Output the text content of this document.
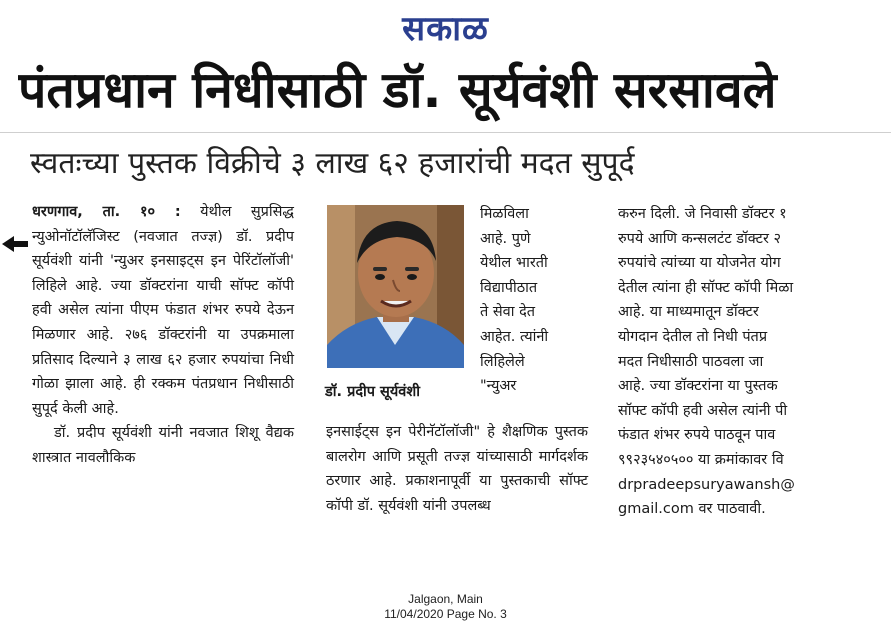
सकाळ
पंतप्रधान निधीसाठी डॉ. सूर्यवंशी सरसावले
स्वतःच्या पुस्तक विक्रीचे ३ लाख ६२ हजारांची मदत सुपूर्द

धरणगाव, ता. १० : येथील सुप्रसिद्ध न्युओनॉटॉलॅजिस्ट (नवजात तज्ज्ञ) डॉ. प्रदीप सूर्यवंशी यांनी 'न्युअर इनसाइट्स इन पेरिंटॉलॉजी' लिहिले आहे. ज्या डॉक्टरांना याची सॉफ्ट कॉपी हवी असेल त्यांना पीएम फंडात शंभर रुपये देऊन मिळणार आहे. २७६ डॉक्टरांनी या उपक्रमाला प्रतिसाद दिल्याने ३ लाख ६२ हजार रुपयांचा निधी गोळा झाला आहे. ही रक्कम पंतप्रधान निधीसाठी सुपूर्द केली आहे.

डॉ. प्रदीप सूर्यवंशी यांनी नवजात शिशू वैद्यक शास्त्रात नावलौकिक

डॉ. प्रदीप सूर्यवंशी

मिळविला

आहे. पुणे

येथील भारती

विद्यापीठात

ते सेवा देत

आहेत. त्यांनी

लिहिलेले

"न्युअर

इनसाईट्स इन पेरीनॅटॉलॉजी" हे शैक्षणिक पुस्तक बालरोग आणि प्रसूती तज्ज्ञ यांच्यासाठी मार्गदर्शक ठरणार आहे. प्रकाशनापूर्वी या पुस्तकाची सॉफ्ट कॉपी डॉ. सूर्यवंशी यांनी उपलब्ध

करुन दिली. जे निवासी डॉक्टर १

रुपये आणि कन्सलटंट डॉक्टर २

रुपयांचे त्यांच्या या योजनेत योग

देतील त्यांना ही सॉफ्ट कॉपी मिळा

आहे. या माध्यमातून डॉक्टर

योगदान देतील तो निधी पंतप्र

मदत निधीसाठी पाठवला जा

आहे. ज्या डॉक्टरांना या पुस्तक

सॉफ्ट कॉपी हवी असेल त्यांनी पी

फंडात शंभर रुपये पाठवून पाव

९९२३५४०५०० या क्रमांकावर वि

drpradeepsuryawansh@

gmail.com वर पाठवावी.

Jalgaon, Main
11/04/2020 Page No. 3
